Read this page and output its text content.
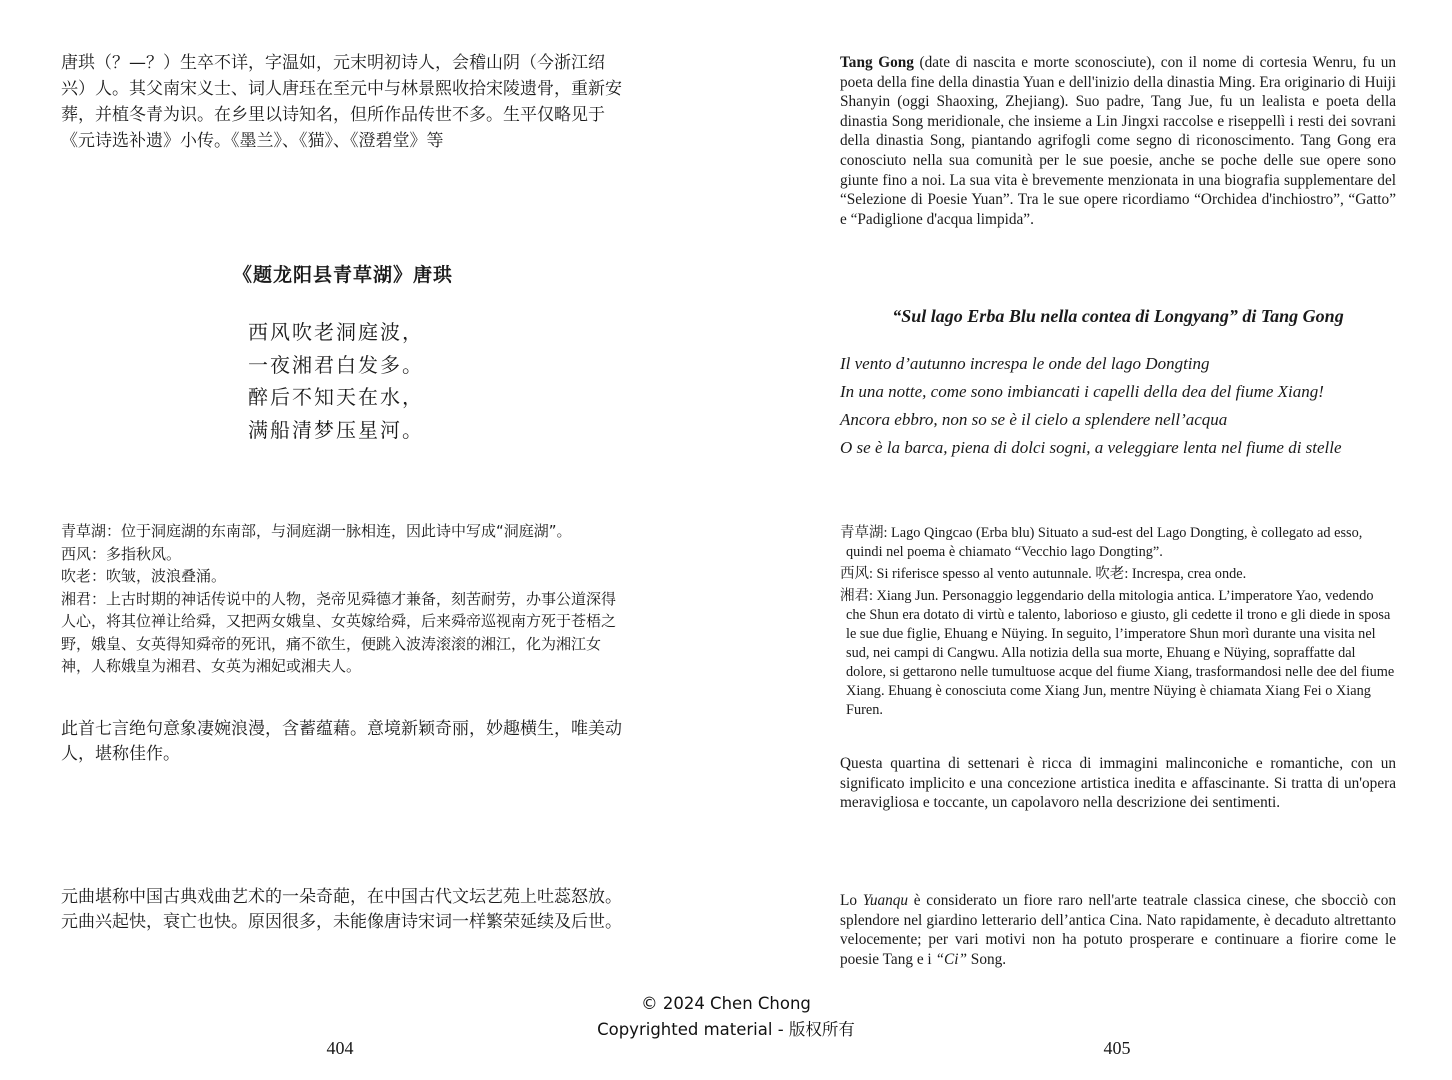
唐珙（？—？）生卒不详，字温如，元末明初诗人，会稽山阴（今浙江绍兴）人。其父南宋义士、词人唐珏在至元中与林景熙收拾宋陵遗骨，重新安葬，并植冬青为识。在乡里以诗知名，但所作品传世不多。生平仅略见于《元诗选补遗》小传。《墨兰》、《猫》、《澄碧堂》等

《题龙阳县青草湖》唐珙
西风吹老洞庭波，
一夜湘君白发多。
醉后不知天在水，
满船清梦压星河。

青草湖：位于洞庭湖的东南部，与洞庭湖一脉相连，因此诗中写成“洞庭湖”。

西风：多指秋风。

吹老：吹皱，波浪叠涌。

湘君：上古时期的神话传说中的人物，尧帝见舜德才兼备，刻苦耐劳，办事公道深得人心，将其位禅让给舜，又把两女娥皇、女英嫁给舜，后来舜帝巡视南方死于苍梧之野，娥皇、女英得知舜帝的死讯，痛不欲生，便跳入波涛滚滚的湘江，化为湘江女神，人称娥皇为湘君、女英为湘妃或湘夫人。

此首七言绝句意象凄婉浪漫，含蓄蕴藉。意境新颖奇丽，妙趣横生，唯美动人，堪称佳作。

元曲堪称中国古典戏曲艺术的一朵奇葩，在中国古代文坛艺苑上吐蕊怒放。元曲兴起快，衰亡也快。原因很多，未能像唐诗宋词一样繁荣延续及后世。

404

Tang Gong (date di nascita e morte sconosciute), con il nome di cortesia Wenru, fu un poeta della fine della dinastia Yuan e dell'inizio della dinastia Ming. Era originario di Huiji Shanyin (oggi Shaoxing, Zhejiang). Suo padre, Tang Jue, fu un lealista e poeta della dinastia Song meridionale, che insieme a Lin Jingxi raccolse e riseppellì i resti dei sovrani della dinastia Song, piantando agrifogli come segno di riconoscimento. Tang Gong era conosciuto nella sua comunità per le sue poesie, anche se poche delle sue opere sono giunte fino a noi. La sua vita è brevemente menzionata in una biografia supplementare del “Selezione di Poesie Yuan”. Tra le sue opere ricordiamo “Orchidea d'inchiostro”, “Gatto” e “Padiglione d'acqua limpida”.

“Sul lago Erba Blu nella contea di Longyang” di Tang Gong
Il vento d’autunno increspa le onde del lago Dongting
In una notte, come sono imbiancati i capelli della dea del fiume Xiang!
Ancora ebbro, non so se è il cielo a splendere nell’acqua
O se è la barca, piena di dolci sogni, a veleggiare lenta nel fiume di stelle

青草湖: Lago Qingcao (Erba blu) Situato a sud-est del Lago Dongting, è collegato ad esso, quindi nel poema è chiamato “Vecchio lago Dongting”.

西风: Si riferisce spesso al vento autunnale. 吹老: Increspa, crea onde.

湘君: Xiang Jun. Personaggio leggendario della mitologia antica. L’imperatore Yao, vedendo che Shun era dotato di virtù e talento, laborioso e giusto, gli cedette il trono e gli diede in sposa le sue due figlie, Ehuang e Nüying. In seguito, l’imperatore Shun morì durante una visita nel sud, nei campi di Cangwu. Alla notizia della sua morte, Ehuang e Nüying, sopraffatte dal dolore, si gettarono nelle tumultuose acque del fiume Xiang, trasformandosi nelle dee del fiume Xiang. Ehuang è conosciuta come Xiang Jun, mentre Nüying è chiamata Xiang Fei o Xiang Furen.

Questa quartina di settenari è ricca di immagini malinconiche e romantiche, con un significato implicito e una concezione artistica inedita e affascinante. Si tratta di un'opera meravigliosa e toccante, un capolavoro nella descrizione dei sentimenti.

Lo Yuanqu è considerato un fiore raro nell'arte teatrale classica cinese, che sbocciò con splendore nel giardino letterario dell’antica Cina. Nato rapidamente, è decaduto altrettanto velocemente; per vari motivi non ha potuto prosperare e continuare a fiorire come le poesie Tang e i “Ci” Song.

405
© 2024 Chen Chong
Copyrighted material - 版权所有
